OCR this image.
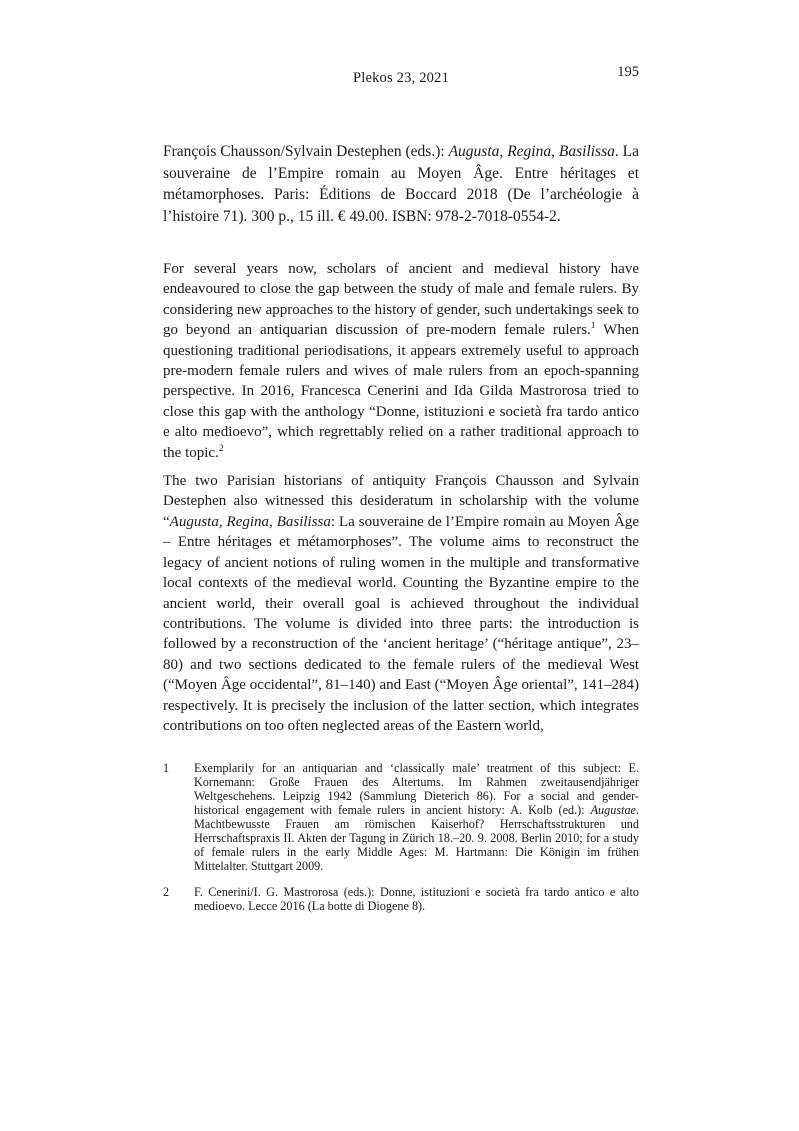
Plekos 23, 2021	195

François Chausson/Sylvain Destephen (eds.): Augusta, Regina, Basilissa. La souveraine de l’Empire romain au Moyen Âge. Entre héritages et métamorphoses. Paris: Éditions de Boccard 2018 (De l’archéologie à l’histoire 71). 300 p., 15 ill. € 49.00. ISBN: 978-2-7018-0554-2.

For several years now, scholars of ancient and medieval history have endeavoured to close the gap between the study of male and female rulers. By considering new approaches to the history of gender, such undertakings seek to go beyond an antiquarian discussion of pre-modern female rulers.$^1$ When questioning traditional periodisations, it appears extremely useful to approach pre-modern female rulers and wives of male rulers from an epoch-spanning perspective. In 2016, Francesca Cenerini and Ida Gilda Mastrorosa tried to close this gap with the anthology “Donne, istituzioni e società fra tardo antico e alto medioevo”, which regrettably relied on a rather traditional approach to the topic.$^2$

The two Parisian historians of antiquity François Chausson and Sylvain Destephen also witnessed this desideratum in scholarship with the volume “Augusta, Regina, Basilissa: La souveraine de l’Empire romain au Moyen Âge – Entre héritages et métamorphoses”. The volume aims to reconstruct the legacy of ancient notions of ruling women in the multiple and transformative local contexts of the medieval world. Counting the Byzantine empire to the ancient world, their overall goal is achieved throughout the individual contributions. The volume is divided into three parts: the introduction is followed by a reconstruction of the ‘ancient heritage’ (“héritage antique”, 23–80) and two sections dedicated to the female rulers of the medieval West (“Moyen Âge occidental”, 81–140) and East (“Moyen Âge oriental”, 141–284) respectively. It is precisely the inclusion of the latter section, which integrates contributions on too often neglected areas of the Eastern world,

1	Exemplarily for an antiquarian and ‘classically male’ treatment of this subject: E. Kornemann: Große Frauen des Altertums. Im Rahmen zweitausendjähriger Weltgeschehens. Leipzig 1942 (Sammlung Dieterich 86). For a social and gender-historical engagement with female rulers in ancient history: A. Kolb (ed.): Augustae. Machtbewusste Frauen am römischen Kaiserhof? Herrschaftsstrukturen und Herrschaftspraxis II. Akten der Tagung in Zürich 18.–20. 9. 2008. Berlin 2010; for a study of female rulers in the early Middle Ages: M. Hartmann: Die Königin im frühen Mittelalter. Stuttgart 2009.
2	F. Cenerini/I. G. Mastrorosa (eds.): Donne, istituzioni e società fra tardo antico e alto medioevo. Lecce 2016 (La botte di Diogene 8).
